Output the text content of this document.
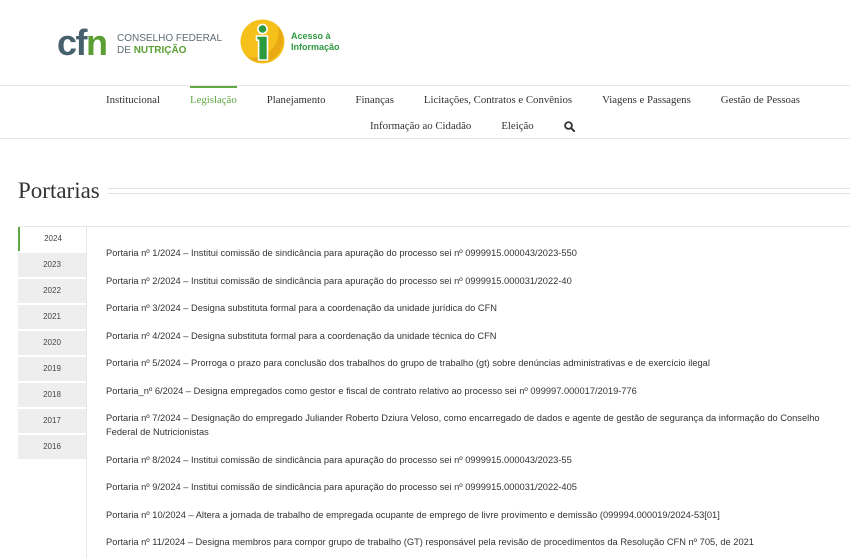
cfn CONSELHO FEDERAL
DE NUTRIÇÃO
Acesso à
Informação
Institucional	Legislação	Planejamento	Finanças	Licitações, Contratos e Convênios	Viagens e Passagens	Gestão de Pessoas
Informação ao Cidadão	Eleição
Portarias
2024
2023
2022
2021
2020
2019
2018
2017
2016
Portaria nº 1/2024 – Institui comissão de sindicância para apuração do processo sei nº 0999915.000043/2023-550
Portaria nº 2/2024 – Institui comissão de sindicância para apuração do processo sei nº 0999915.000031/2022-40
Portaria nº 3/2024 – Designa substituta formal para a coordenação da unidade jurídica do CFN
Portaria nº 4/2024 – Designa substituta formal para a coordenação da unidade técnica do CFN
Portaria nº 5/2024 – Prorroga o prazo para conclusão dos trabalhos do grupo de trabalho (gt) sobre denúncias administrativas e de exercício ilegal
Portaria_nº 6/2024 – Designa empregados como gestor e fiscal de contrato relativo ao processo sei nº 099997.000017/2019-776
Portaria nº 7/2024 – Designação do empregado Juliander Roberto Dziura Veloso, como encarregado de dados e agente de gestão de segurança da informação do Conselho Federal de Nutricionistas
Portaria nº 8/2024 – Institui comissão de sindicância para apuração do processo sei nº 0999915.000043/2023-55
Portaria nº 9/2024 – Institui comissão de sindicância para apuração do processo sei nº 0999915.000031/2022-405
Portaria nº 10/2024 – Altera a jornada de trabalho de empregada ocupante de emprego de livre provimento e demissão (099994.000019/2024-53[01]
Portaria nº 11/2024 – Designa membros para compor grupo de trabalho (GT) responsável pela revisão de procedimentos da Resolução CFN nº 705, de 2021
